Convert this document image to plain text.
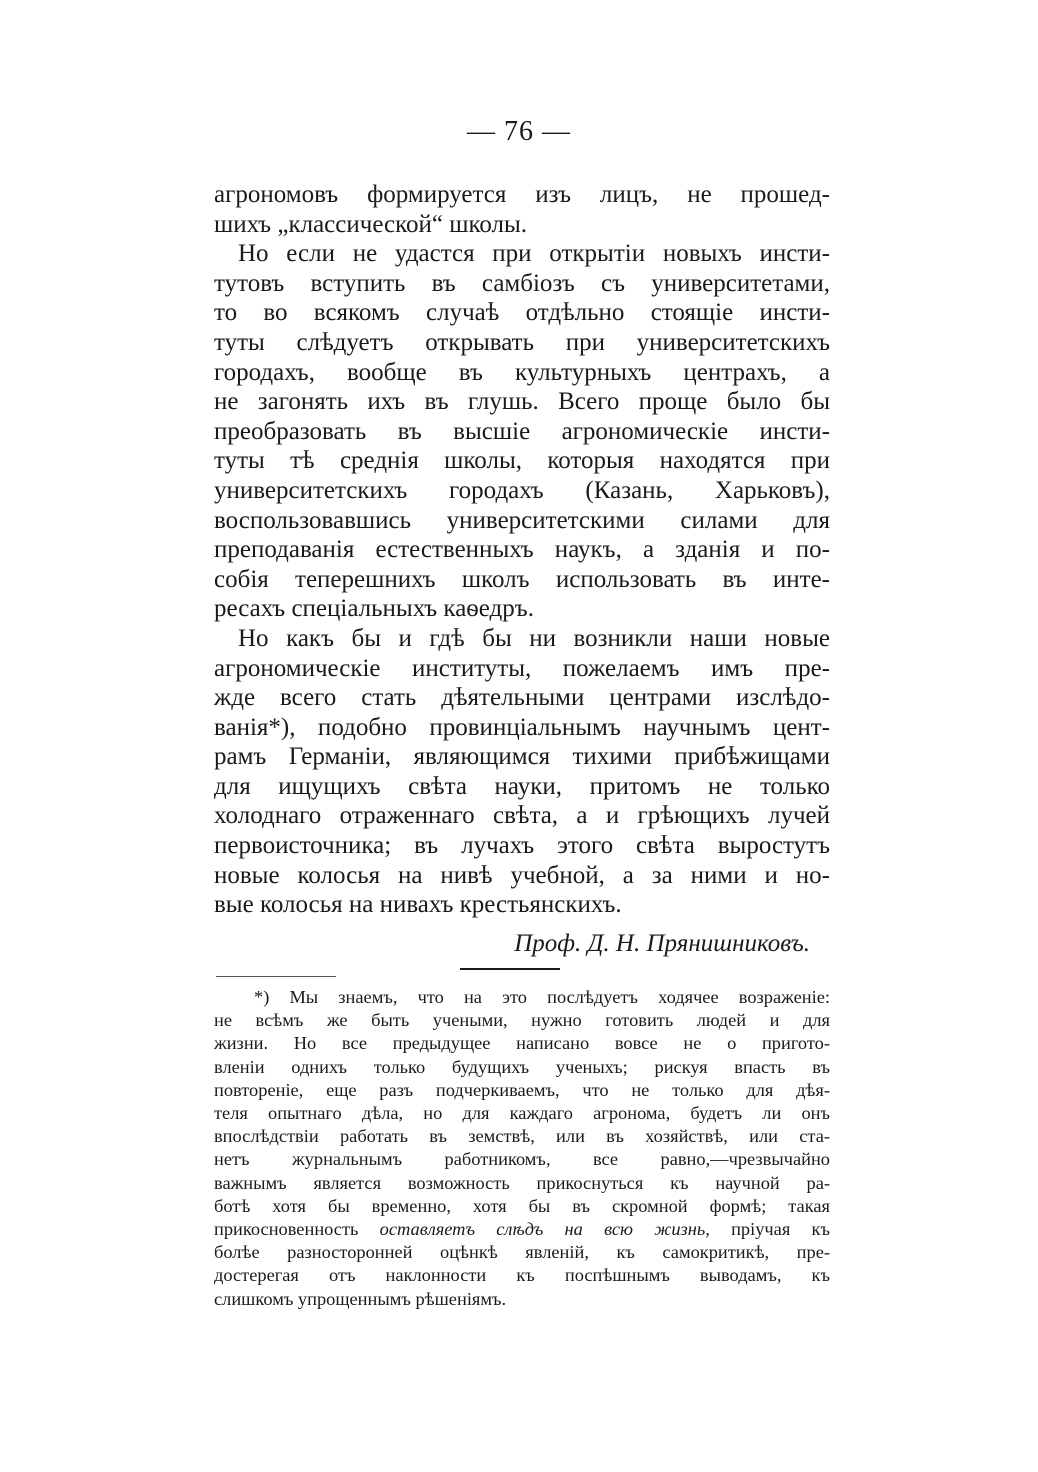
— 76 —
агрономовъ формируется изъ лицъ, не прошед-
шихъ „классической“ школы.
Но если не удастся при открытіи новыхъ инсти-
тутовъ вступить въ самбіозъ съ университетами,
то во всякомъ случаѣ отдѣльно стоящіе инсти-
туты слѣдуетъ открывать при университетскихъ
городахъ, вообще въ культурныхъ центрахъ, а
не загонять ихъ въ глушь. Всего проще было бы
преобразовать въ высшіе агрономическіе инсти-
туты тѣ среднія школы, которыя находятся при
университетскихъ городахъ (Казань, Харьковъ),
воспользовавшись университетскими силами для
преподаванія естественныхъ наукъ, а зданія и по-
собія теперешнихъ школъ использовать въ инте-
ресахъ спеціальныхъ каѳедръ.
Но какъ бы и гдѣ бы ни возникли наши новые
агрономическіе институты, пожелаемъ имъ пре-
жде всего стать дѣятельными центрами изслѣдо-
ванія*), подобно провинціальнымъ научнымъ цент-
рамъ Германіи, являющимся тихими прибѣжищами
для ищущихъ свѣта науки, притомъ не только
холоднаго отраженнаго свѣта, а и грѣющихъ лучей
первоисточника; въ лучахъ этого свѣта выростутъ
новые колосья на нивѣ учебной, а за ними и но-
вые колосья на нивахъ крестьянскихъ.
Проф. Д. Н. Прянишниковъ.
*) Мы знаемъ, что на это послѣдуетъ ходячее возраженіе:
не всѣмъ же быть учеными, нужно готовить людей и для
жизни. Но все предыдущее написано вовсе не о пригото-
вленіи однихъ только будущихъ ученыхъ; рискуя впасть въ
повтореніе, еще разъ подчеркиваемъ, что не только для дѣя-
теля опытнаго дѣла, но для каждаго агронома, будетъ ли онъ
впослѣдствіи работать въ земствѣ, или въ хозяйствѣ, или ста-
нетъ журнальнымъ работникомъ, все равно,—чрезвычайно
важнымъ является возможность прикоснуться къ научной ра-
ботѣ хотя бы временно, хотя бы въ скромной формѣ; такая
прикосновенность оставляетъ слѣдъ на всю жизнь, пріучая къ
болѣе разносторонней оцѣнкѣ явленій, къ самокритикѣ, пре-
достерегая отъ наклонности къ поспѣшнымъ выводамъ, къ
слишкомъ упрощеннымъ рѣшеніямъ.
